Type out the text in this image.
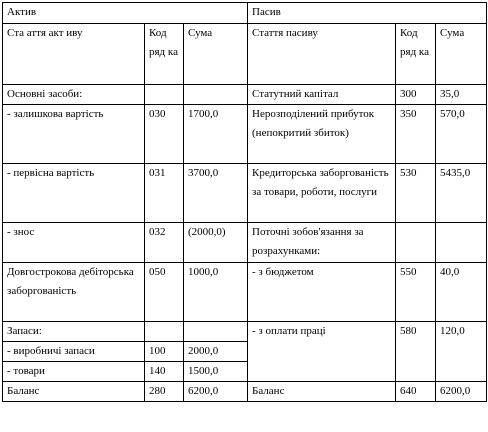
Актив			Пасив		
Ста аття акт иву	Код ряд ка	Сума	Стаття пасиву	Код ряд ка	Сума
Основні засоби:			Статутний капітал	300	35,0
- залишкова вартість	030	1700,0	Нерозподілений прибуток (непокритий збиток)	350	570,0
- первісна вартість	031	3700,0	Кредиторська заборгованість за товари, роботи, послуги	530	5435,0
- знос	032	(2000,0)	Поточні зобов'язання за розрахунками:		
Довгострокова дебіторська заборгованість	050	1000,0	- з бюджетом	550	40,0
Запаси:			- з оплати праці	580	120,0
- виробничі запаси	100	2000,0			
- товари	140	1500,0			
Баланс	280	6200,0	Баланс	640	6200,0
